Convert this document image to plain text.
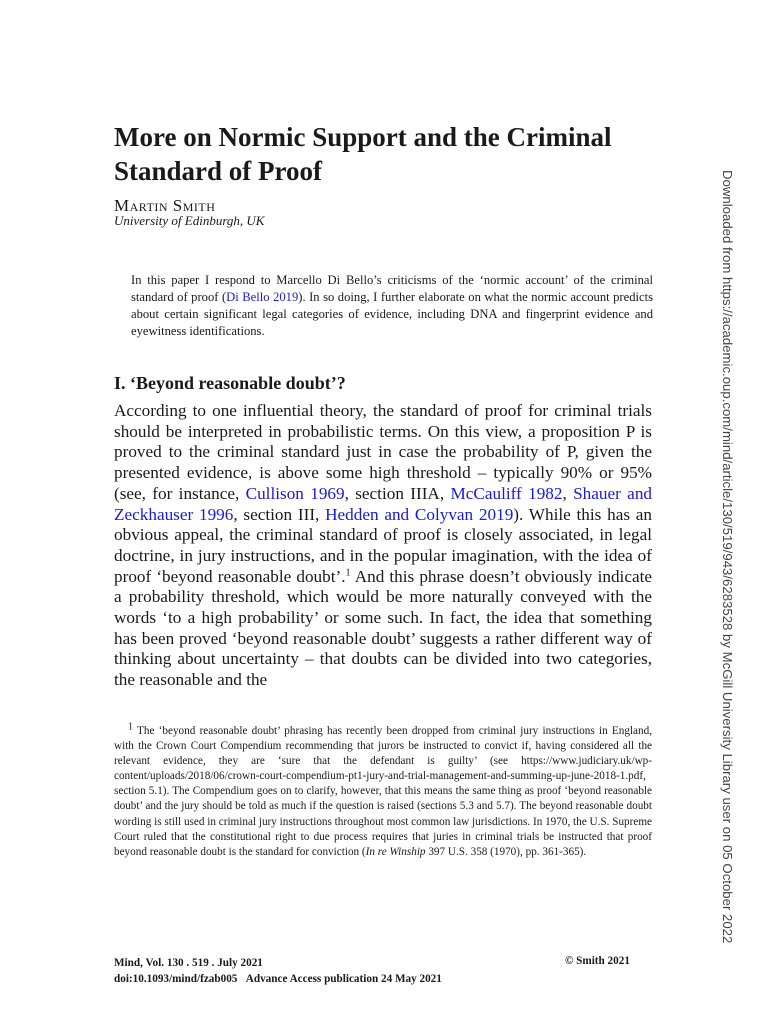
More on Normic Support and the Criminal Standard of Proof
Martin Smith
University of Edinburgh, UK

In this paper I respond to Marcello Di Bello’s criticisms of the ‘normic account’ of the criminal standard of proof (Di Bello 2019). In so doing, I further elaborate on what the normic account predicts about certain significant legal categories of evidence, including DNA and fingerprint evidence and eyewitness identifications.

I. ‘Beyond reasonable doubt’?

According to one influential theory, the standard of proof for criminal trials should be interpreted in probabilistic terms. On this view, a proposition P is proved to the criminal standard just in case the probability of P, given the presented evidence, is above some high threshold – typically 90% or 95% (see, for instance, Cullison 1969, section IIIA, McCauliff 1982, Shauer and Zeckhauser 1996, section III, Hedden and Colyvan 2019). While this has an obvious appeal, the criminal standard of proof is closely associated, in legal doctrine, in jury instructions, and in the popular imagination, with the idea of proof ‘beyond reasonable doubt’.$^1$ And this phrase doesn’t obviously indicate a probability threshold, which would be more naturally conveyed with the words ‘to a high probability’ or some such. In fact, the idea that something has been proved ‘beyond reasonable doubt’ suggests a rather different way of thinking about uncertainty – that doubts can be divided into two categories, the reasonable and the

$^1$ The ‘beyond reasonable doubt’ phrasing has recently been dropped from criminal jury instructions in England, with the Crown Court Compendium recommending that jurors be instructed to convict if, having considered all the relevant evidence, they are ‘sure that the defendant is guilty’ (see https://www.judiciary.uk/wp-content/uploads/2018/06/crown-court-compendium-pt1-jury-and-trial-management-and-summing-up-june-2018-1.pdf, section 5.1). The Compendium goes on to clarify, however, that this means the same thing as proof ‘beyond reasonable doubt’ and the jury should be told as much if the question is raised (sections 5.3 and 5.7). The beyond reasonable doubt wording is still used in criminal jury instructions throughout most common law jurisdictions. In 1970, the U.S. Supreme Court ruled that the constitutional right to due process requires that juries in criminal trials be instructed that proof beyond reasonable doubt is the standard for conviction (In re Winship 397 U.S. 358 (1970), pp. 361-365).

Mind, Vol. 130 . 519 . July 2021
doi:10.1093/mind/fzab005 Advance Access publication 24 May 2021
© Smith 2021
Downloaded from https://academic.oup.com/mind/article/130/519/943/6283528 by McGill University Library user on 05 October 2022
